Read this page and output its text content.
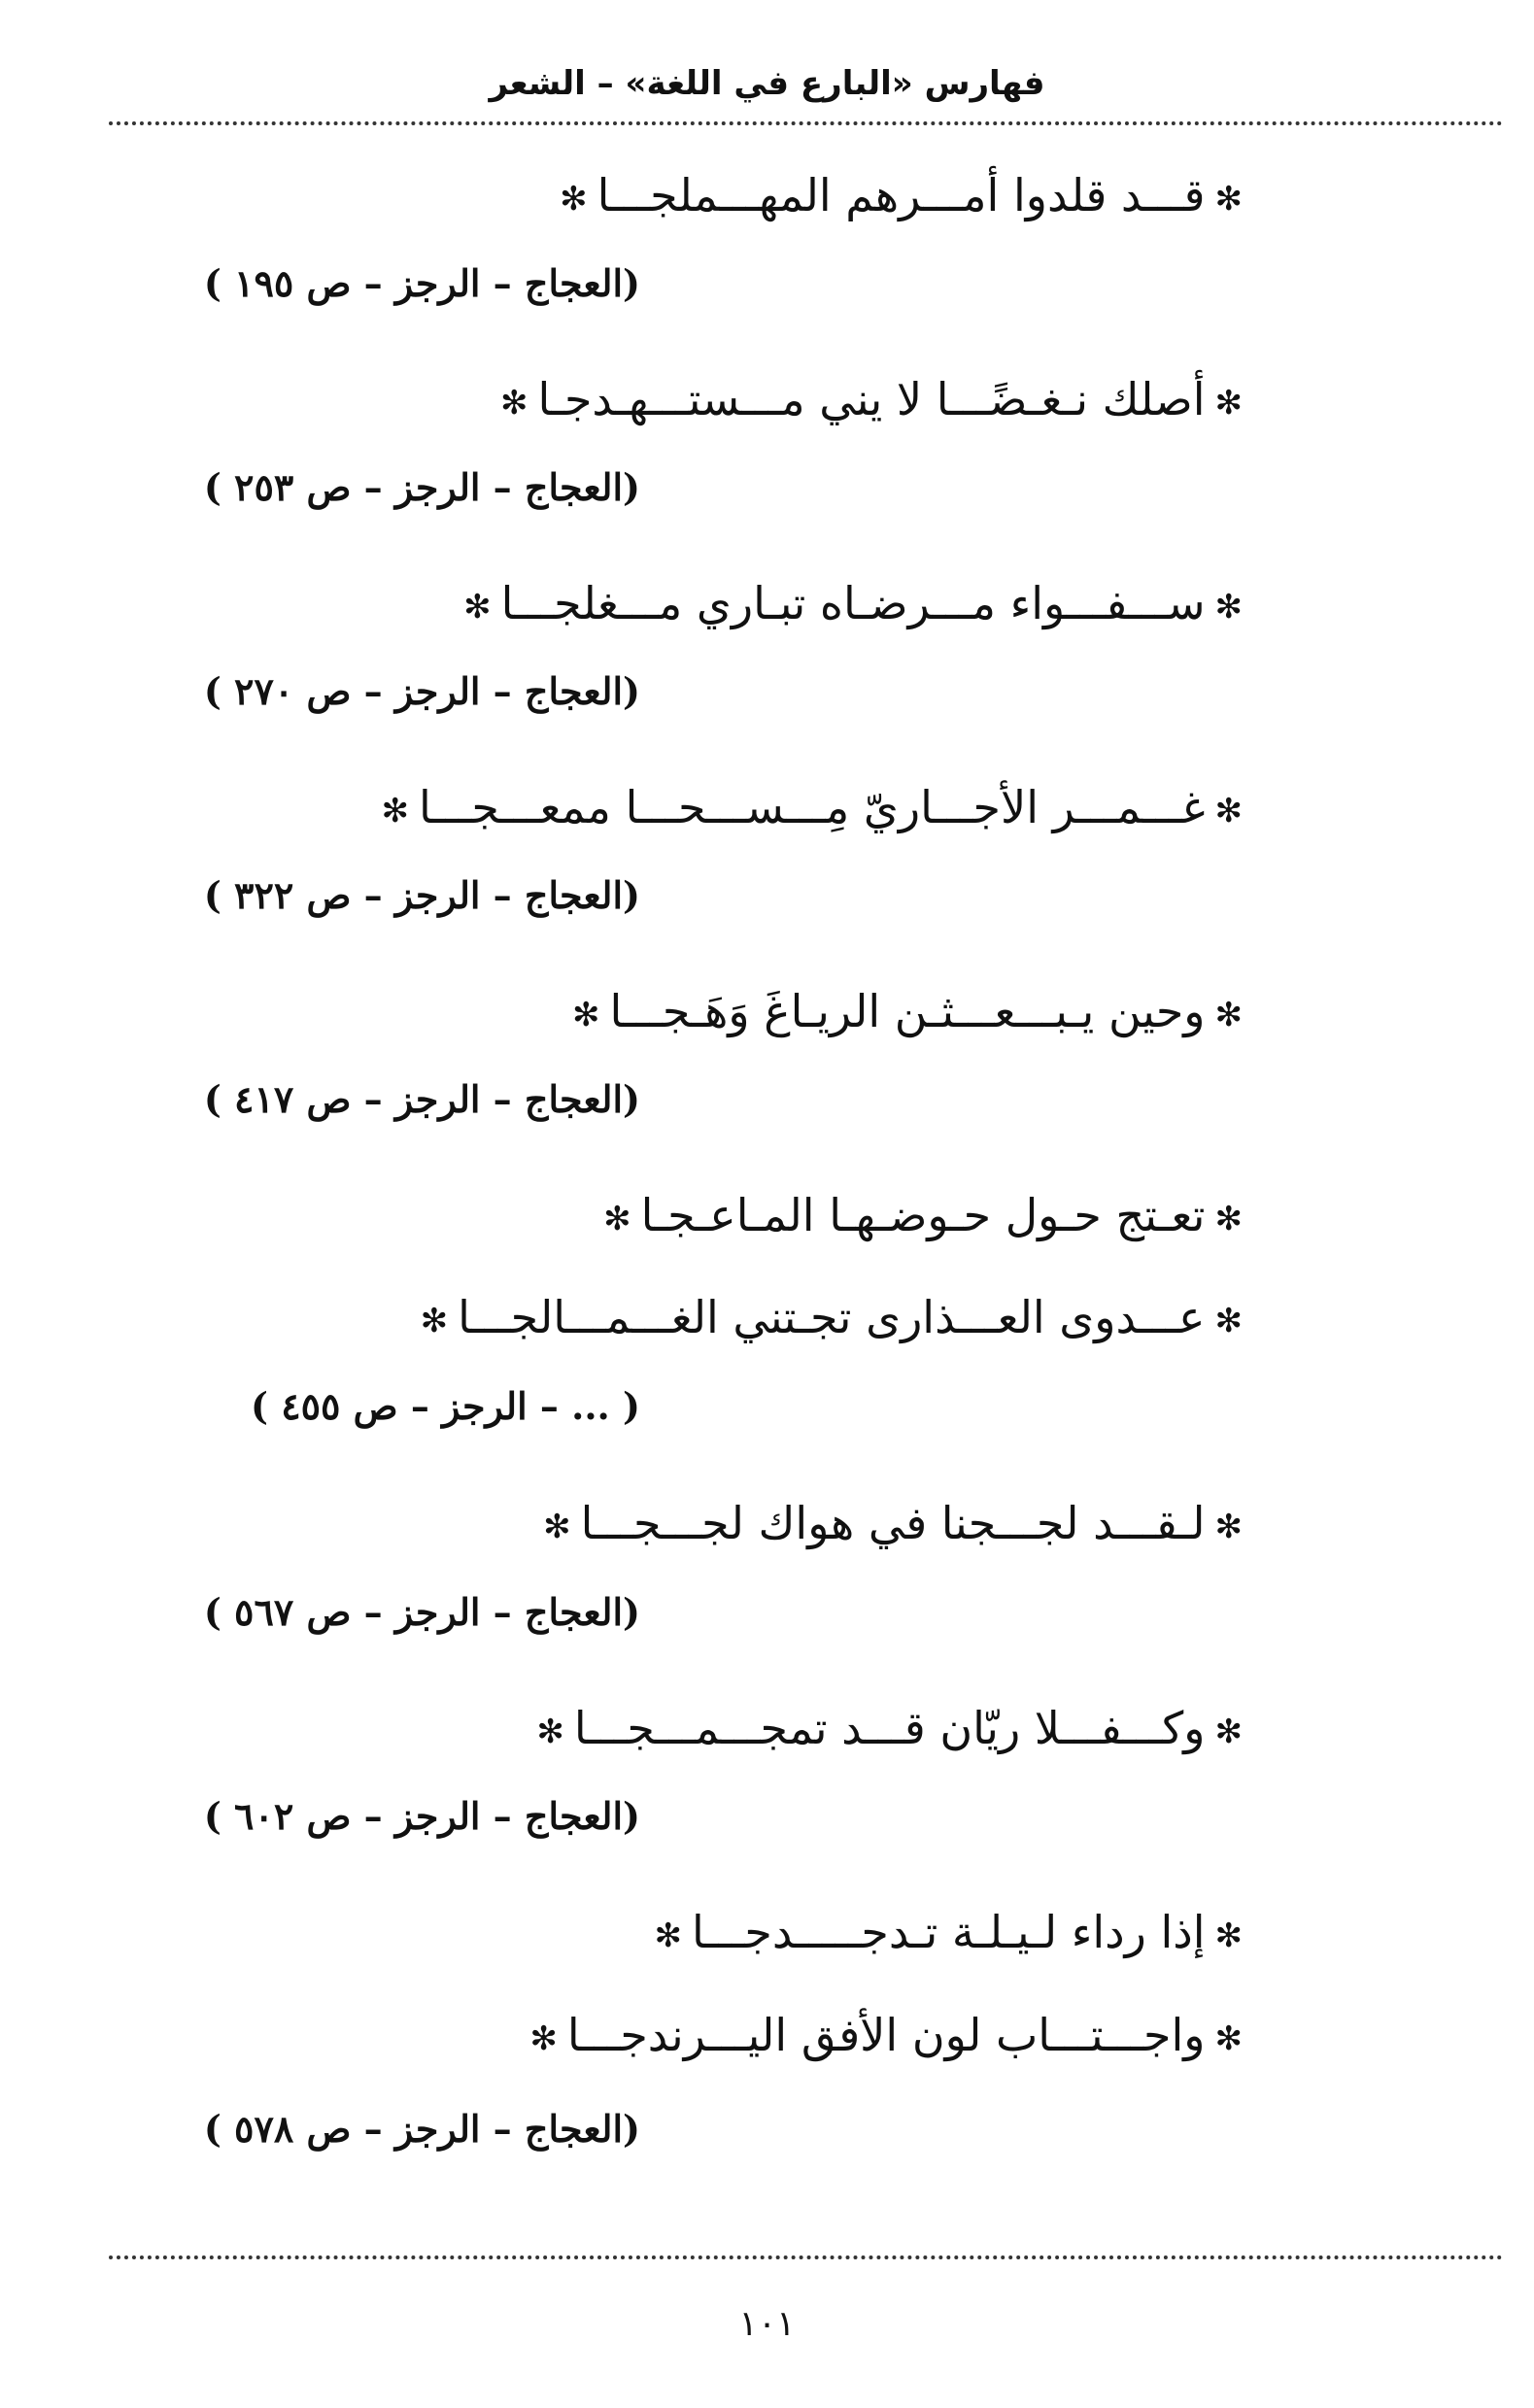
فهارس «البارع في اللغة» – الشعر
✻قـــد قلدوا أمـــرهم المهـــملجـــا✻
(العجاج – الرجز – ص ١٩٥ )
✻أصلك نـغـضًـــا لا يني مـــستـــهـدجـا✻
(العجاج – الرجز – ص ٢٥٣ )
✻ســـفـــواء مـــرضـاه تبـاري مـــغلجـــا✻
(العجاج – الرجز – ص ٢٧٠ )
✻غـــمـــر الأجـــاريّ مِـــســـحـــا ممعـــجـــا✻
(العجاج – الرجز – ص ٣٢٢ )
✻وحين يـبـــعـــثـن الريـاغَ وَهَـجـــا✻
(العجاج – الرجز – ص ٤١٧ )
✻تعـتج حـول حـوضـهـا المـاعـجـا✻
✻عـــدوى العـــذارى تجـتني الغـــمـــالجـــا✻
( ... – الرجز – ص ٤٥٥ )
✻لـقـــد لجـــجنا في هواك لجـــجـــا✻
(العجاج – الرجز – ص ٥٦٧ )
✻وكـــفـــلا ريّان قـــد تمجـــمـــجـــا✻
(العجاج – الرجز – ص ٦٠٢ )
✻إذا رداء لـيـلـة تـدجـــــدجـــا✻
✻واجـــتـــاب لون الأفق اليـــرندجـــا✻
(العجاج – الرجز – ص ٥٧٨ )
١٠١
